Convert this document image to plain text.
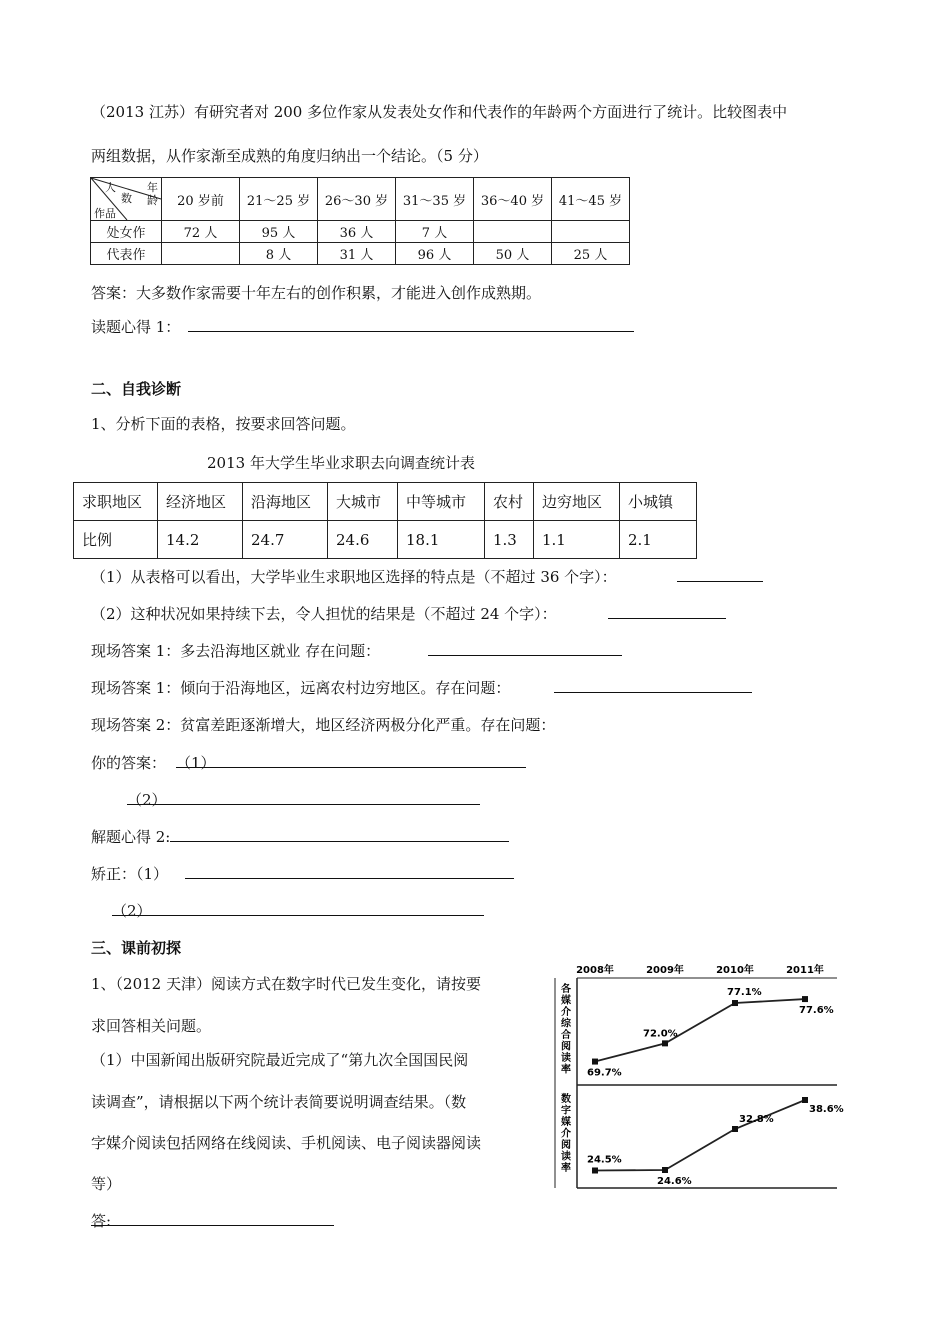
（2013 江苏）有研究者对 200 多位作家从发表处女作和代表作的年龄两个方面进行了统计。比较图表中
两组数据，从作家渐至成熟的角度归纳出一个结论。（5 分）
人 年
数 龄
作品	20 岁前	21～25 岁	26～30 岁	31～35 岁	36～40 岁	41～45 岁

处女作	72 人	95 人	36 人	7 人		
代表作		8 人	31 人	96 人	50 人	25 人
答案：大多数作家需要十年左右的创作积累，才能进入创作成熟期。
读题心得 1：
二、自我诊断
1、分析下面的表格，按要求回答问题。
2013 年大学生毕业求职去向调查统计表
求职地区	经济地区	沿海地区	大城市	中等城市	农村	边穷地区	小城镇
比例	14.2	24.7	24.6	18.1	1.3	1.1	2.1
（1）从表格可以看出，大学毕业生求职地区选择的特点是（不超过 36 个字）：
（2）这种状况如果持续下去，令人担忧的结果是（不超过 24 个字）：
现场答案 1：多去沿海地区就业 存在问题：
现场答案 1：倾向于沿海地区，远离农村边穷地区。存在问题：
现场答案 2：贫富差距逐渐增大，地区经济两极分化严重。存在问题：
你的答案： （1）
（2）
解题心得 2:
矫正：（1）
（2）
三、课前初探
1、（2012 天津）阅读方式在数字时代已发生变化，请按要
求回答相关问题。
（1）中国新闻出版研究院最近完成了“第九次全国国民阅
读调查”，请根据以下两个统计表简要说明调查结果。（数
字媒介阅读包括网络在线阅读、手机阅读、电子阅读器阅读
等）
答:
2008年	2009年	2010年	2011年
各媒介综合阅读率 69.7%
72.0%
77.1%
77.6%
数字媒介阅读率
24.5%
24.6%
32.8%
38.6%
